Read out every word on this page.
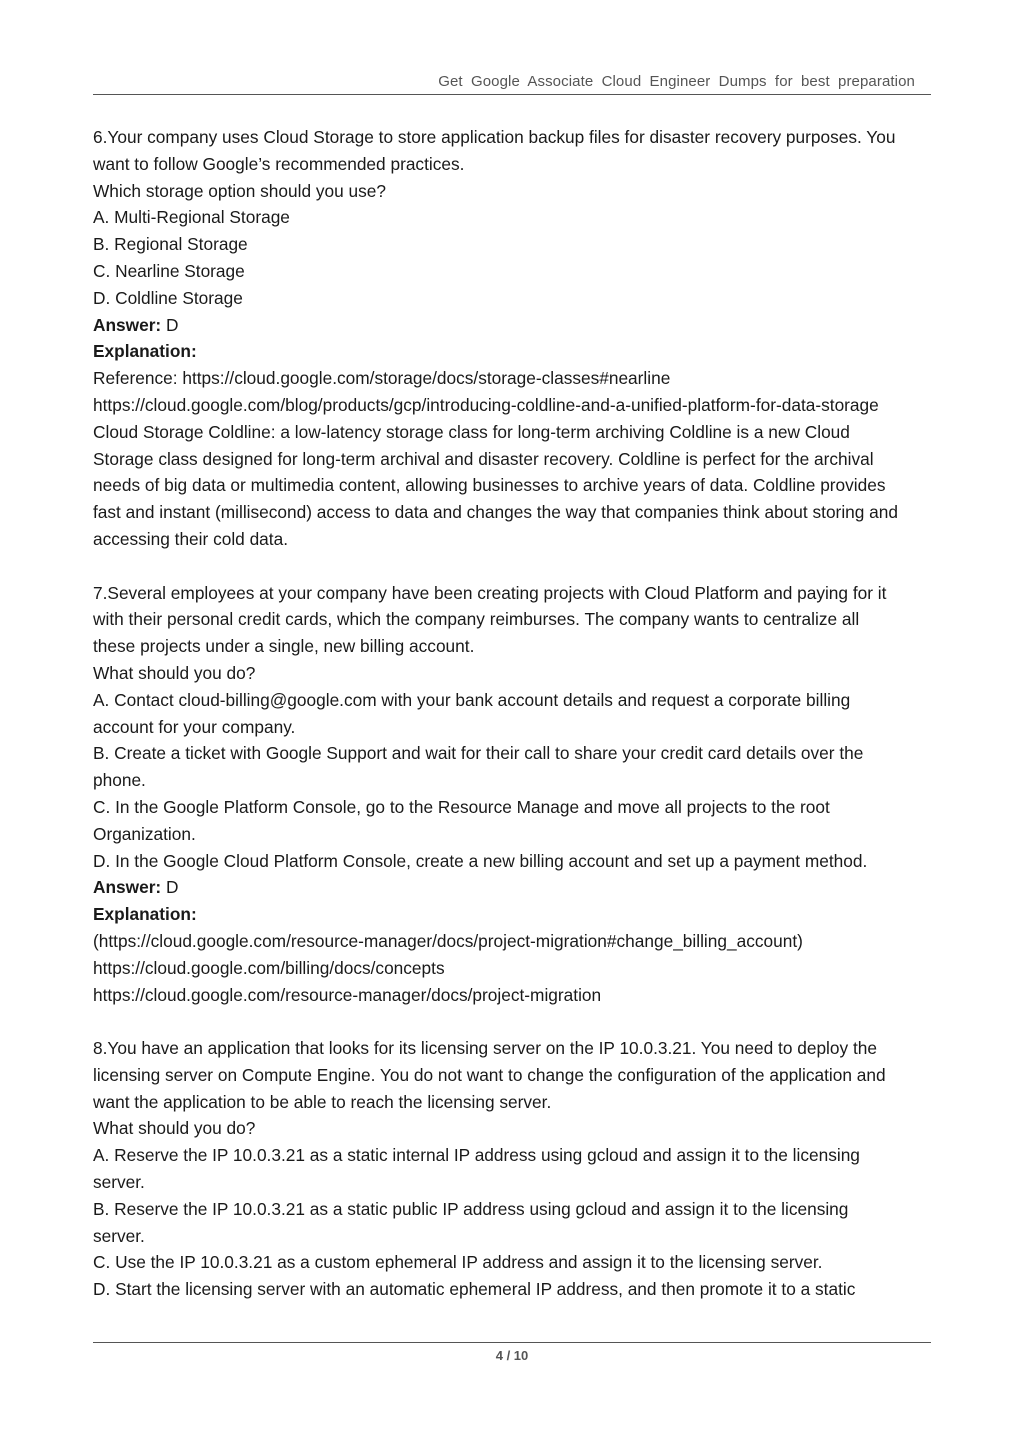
Get Google Associate Cloud Engineer Dumps for best preparation
6.Your company uses Cloud Storage to store application backup files for disaster recovery purposes. You
want to follow Google’s recommended practices.
Which storage option should you use?
A. Multi-Regional Storage
B. Regional Storage
C. Nearline Storage
D. Coldline Storage
Answer: D
Explanation:
Reference: https://cloud.google.com/storage/docs/storage-classes#nearline
https://cloud.google.com/blog/products/gcp/introducing-coldline-and-a-unified-platform-for-data-storage
Cloud Storage Coldline: a low-latency storage class for long-term archiving Coldline is a new Cloud
Storage class designed for long-term archival and disaster recovery. Coldline is perfect for the archival
needs of big data or multimedia content, allowing businesses to archive years of data. Coldline provides
fast and instant (millisecond) access to data and changes the way that companies think about storing and
accessing their cold data.
7.Several employees at your company have been creating projects with Cloud Platform and paying for it
with their personal credit cards, which the company reimburses. The company wants to centralize all
these projects under a single, new billing account.
What should you do?
A. Contact cloud-billing@google.com with your bank account details and request a corporate billing
account for your company.
B. Create a ticket with Google Support and wait for their call to share your credit card details over the
phone.
C. In the Google Platform Console, go to the Resource Manage and move all projects to the root
Organization.
D. In the Google Cloud Platform Console, create a new billing account and set up a payment method.
Answer: D
Explanation:
(https://cloud.google.com/resource-manager/docs/project-migration#change_billing_account)
https://cloud.google.com/billing/docs/concepts
https://cloud.google.com/resource-manager/docs/project-migration
8.You have an application that looks for its licensing server on the IP 10.0.3.21. You need to deploy the
licensing server on Compute Engine. You do not want to change the configuration of the application and
want the application to be able to reach the licensing server.
What should you do?
A. Reserve the IP 10.0.3.21 as a static internal IP address using gcloud and assign it to the licensing
server.
B. Reserve the IP 10.0.3.21 as a static public IP address using gcloud and assign it to the licensing
server.
C. Use the IP 10.0.3.21 as a custom ephemeral IP address and assign it to the licensing server.
D. Start the licensing server with an automatic ephemeral IP address, and then promote it to a static
4 / 10
